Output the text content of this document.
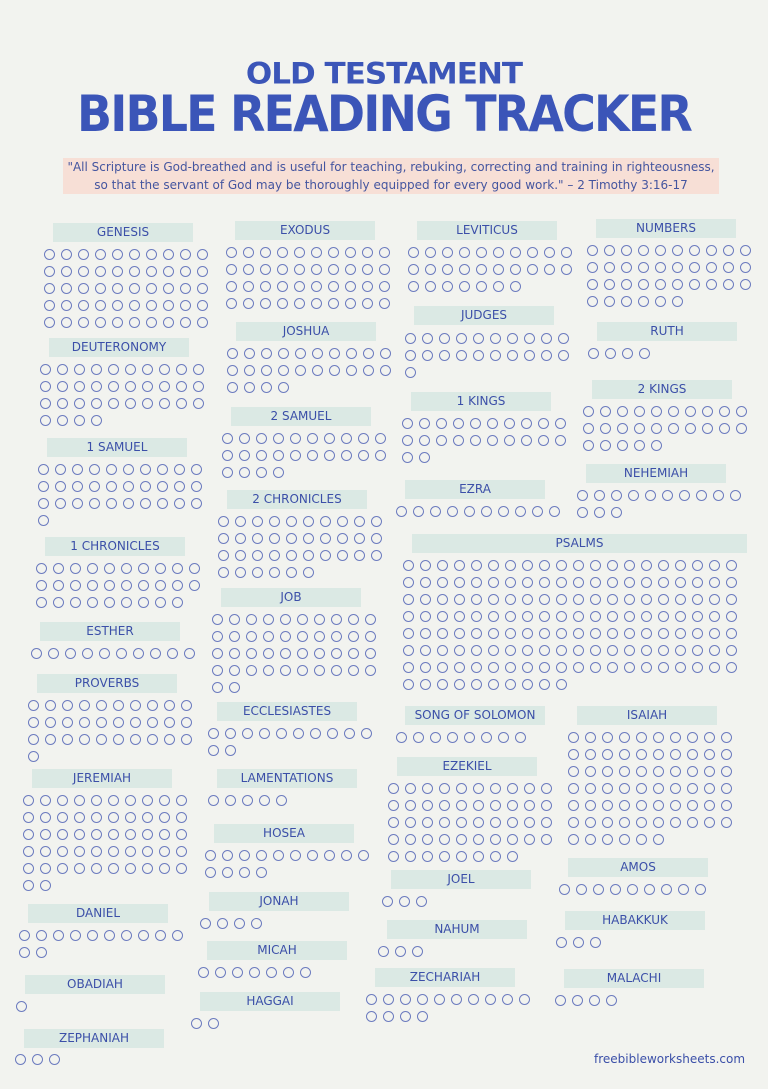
OLD TESTAMENT
BIBLE READING TRACKER
"All Scripture is God-breathed and is useful for teaching, rebuking, correcting and training in righteousness, so that the servant of God may be thoroughly equipped for every good work." – 2 Timothy 3:16-17
GENESIS	EXODUS	LEVITICUS	NUMBERS
DEUTERONOMY
JOSHUA
JUDGES
RUTH
1 SAMUEL
2 SAMUEL
1 KINGS
2 KINGS
1 CHRONICLES
2 CHRONICLES
EZRA
NEHEMIAH
ESTHER
JOB
PSALMS
PROVERBS
ECCLESIASTES	SONG OF SOLOMON	ISAIAH
JEREMIAH	LAMENTATIONS
EZEKIEL
HOSEA
DANIEL
JOEL
AMOS
JONAH
MICAH
OBADIAH
NAHUM
HABAKKUK
ZEPHANIAH
HAGGAI
ZECHARIAH	MALACHI
freebibleworksheets.com
